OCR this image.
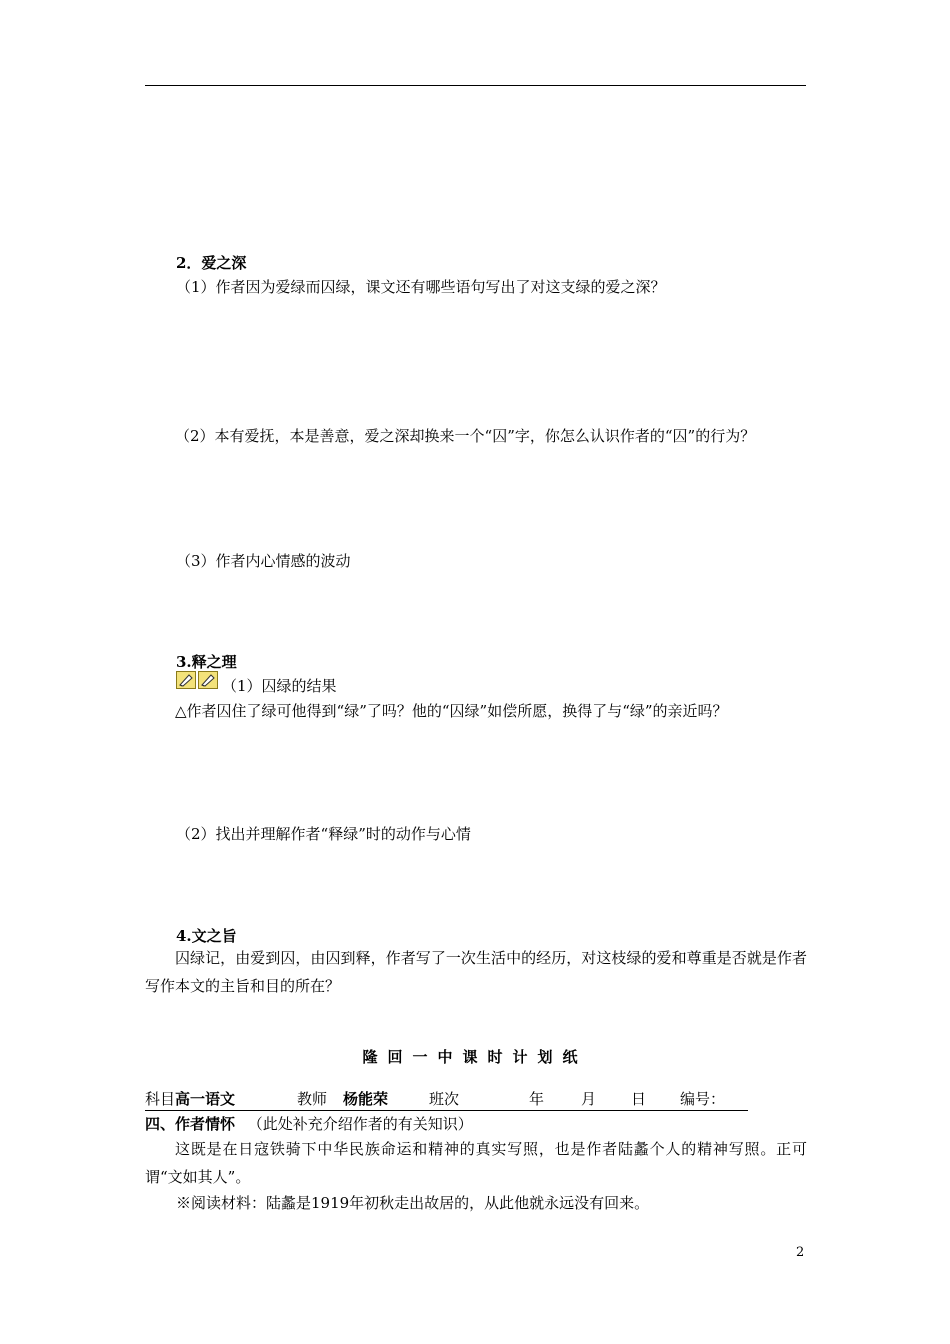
2．爱之深
（1）作者因为爱绿而囚绿，课文还有哪些语句写出了对这支绿的爱之深？
（2）本有爱抚，本是善意，爱之深却换来一个“囚”字，你怎么认识作者的“囚”的行为？
（3）作者内心情感的波动
3.释之理
（1）囚绿的结果
△作者囚住了绿可他得到“绿”了吗？他的“囚绿”如偿所愿，换得了与“绿”的亲近吗？
（2）找出并理解作者“释绿”时的动作与心情
4.文之旨
囚绿记，由爱到囚，由囚到释，作者写了一次生活中的经历，对这枝绿的爱和尊重是否就是作者写作本文的主旨和目的所在？
隆回一中课时计划纸
科目 高一语文	教师 杨能荣	班次	年 月 日 编号：
四、作者情怀 （此处补充介绍作者的有关知识）
这既是在日寇铁骑下中华民族命运和精神的真实写照，也是作者陆蠡个人的精神写照。正可谓“文如其人”。
※阅读材料：陆蠡是1919年初秋走出故居的，从此他就永远没有回来。
2
